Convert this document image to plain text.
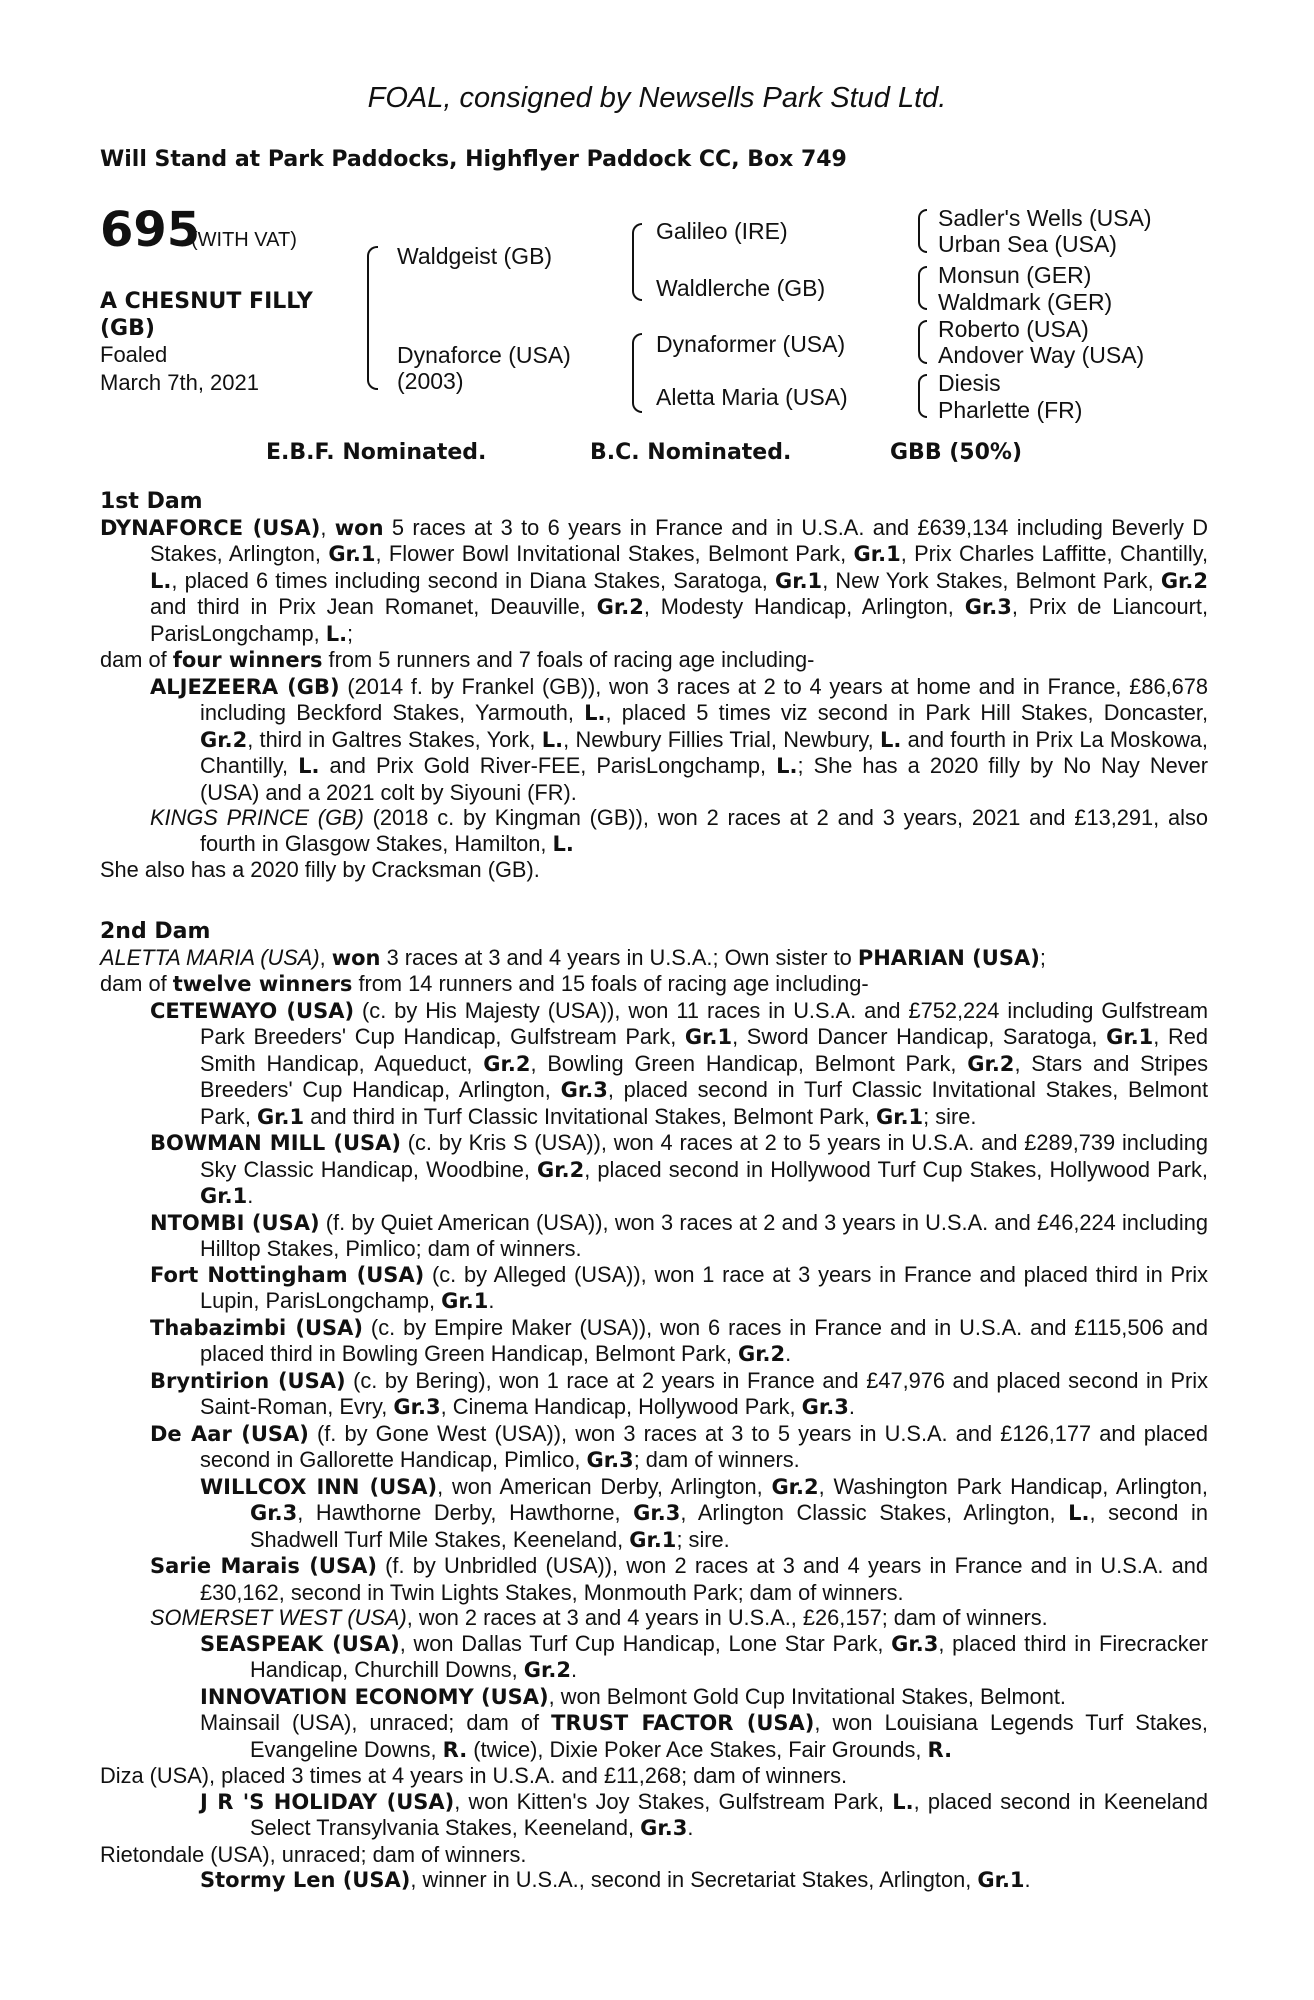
FOAL, consigned by Newsells Park Stud Ltd.
Will Stand at Park Paddocks, Highflyer Paddock CC, Box 749
695
(WITH VAT)
A CHESNUT FILLY
(GB)
Foaled
March 7th, 2021
Waldgeist (GB)
Dynaforce (USA)
(2003)
Galileo (IRE)
Waldlerche (GB)
Dynaformer (USA)
Aletta Maria (USA)
Sadler's Wells (USA)
Urban Sea (USA)
Monsun (GER)
Waldmark (GER)
Roberto (USA)
Andover Way (USA)
Diesis
Pharlette (FR)
E.B.F. Nominated.	B.C. Nominated.	GBB (50%)
1st Dam

DYNAFORCE (USA), won 5 races at 3 to 6 years in France and in U.S.A. and £639,134 including Beverly D Stakes, Arlington, Gr.1, Flower Bowl Invitational Stakes, Belmont Park, Gr.1, Prix Charles Laffitte, Chantilly, L., placed 6 times including second in Diana Stakes, Saratoga, Gr.1, New York Stakes, Belmont Park, Gr.2 and third in Prix Jean Romanet, Deauville, Gr.2, Modesty Handicap, Arlington, Gr.3, Prix de Liancourt, ParisLongchamp, L.;

dam of four winners from 5 runners and 7 foals of racing age including-

ALJEZEERA (GB) (2014 f. by Frankel (GB)), won 3 races at 2 to 4 years at home and in France, £86,678 including Beckford Stakes, Yarmouth, L., placed 5 times viz second in Park Hill Stakes, Doncaster, Gr.2, third in Galtres Stakes, York, L., Newbury Fillies Trial, Newbury, L. and fourth in Prix La Moskowa, Chantilly, L. and Prix Gold River-FEE, ParisLongchamp, L.; She has a 2020 filly by No Nay Never (USA) and a 2021 colt by Siyouni (FR).

KINGS PRINCE (GB) (2018 c. by Kingman (GB)), won 2 races at 2 and 3 years, 2021 and £13,291, also fourth in Glasgow Stakes, Hamilton, L.

She also has a 2020 filly by Cracksman (GB).

2nd Dam

ALETTA MARIA (USA), won 3 races at 3 and 4 years in U.S.A.; Own sister to PHARIAN (USA);

dam of twelve winners from 14 runners and 15 foals of racing age including-

CETEWAYO (USA) (c. by His Majesty (USA)), won 11 races in U.S.A. and £752,224 including Gulfstream Park Breeders' Cup Handicap, Gulfstream Park, Gr.1, Sword Dancer Handicap, Saratoga, Gr.1, Red Smith Handicap, Aqueduct, Gr.2, Bowling Green Handicap, Belmont Park, Gr.2, Stars and Stripes Breeders' Cup Handicap, Arlington, Gr.3, placed second in Turf Classic Invitational Stakes, Belmont Park, Gr.1 and third in Turf Classic Invitational Stakes, Belmont Park, Gr.1; sire.

BOWMAN MILL (USA) (c. by Kris S (USA)), won 4 races at 2 to 5 years in U.S.A. and £289,739 including Sky Classic Handicap, Woodbine, Gr.2, placed second in Hollywood Turf Cup Stakes, Hollywood Park, Gr.1.

NTOMBI (USA) (f. by Quiet American (USA)), won 3 races at 2 and 3 years in U.S.A. and £46,224 including Hilltop Stakes, Pimlico; dam of winners.

Fort Nottingham (USA) (c. by Alleged (USA)), won 1 race at 3 years in France and placed third in Prix Lupin, ParisLongchamp, Gr.1.

Thabazimbi (USA) (c. by Empire Maker (USA)), won 6 races in France and in U.S.A. and £115,506 and placed third in Bowling Green Handicap, Belmont Park, Gr.2.

Bryntirion (USA) (c. by Bering), won 1 race at 2 years in France and £47,976 and placed second in Prix Saint-Roman, Evry, Gr.3, Cinema Handicap, Hollywood Park, Gr.3.

De Aar (USA) (f. by Gone West (USA)), won 3 races at 3 to 5 years in U.S.A. and £126,177 and placed second in Gallorette Handicap, Pimlico, Gr.3; dam of winners.

WILLCOX INN (USA), won American Derby, Arlington, Gr.2, Washington Park Handicap, Arlington, Gr.3, Hawthorne Derby, Hawthorne, Gr.3, Arlington Classic Stakes, Arlington, L., second in Shadwell Turf Mile Stakes, Keeneland, Gr.1; sire.

Sarie Marais (USA) (f. by Unbridled (USA)), won 2 races at 3 and 4 years in France and in U.S.A. and £30,162, second in Twin Lights Stakes, Monmouth Park; dam of winners.

SOMERSET WEST (USA), won 2 races at 3 and 4 years in U.S.A., £26,157; dam of winners.

SEASPEAK (USA), won Dallas Turf Cup Handicap, Lone Star Park, Gr.3, placed third in Firecracker Handicap, Churchill Downs, Gr.2.

INNOVATION ECONOMY (USA), won Belmont Gold Cup Invitational Stakes, Belmont.

Mainsail (USA), unraced; dam of TRUST FACTOR (USA), won Louisiana Legends Turf Stakes, Evangeline Downs, R. (twice), Dixie Poker Ace Stakes, Fair Grounds, R.

Diza (USA), placed 3 times at 4 years in U.S.A. and £11,268; dam of winners.

J R 'S HOLIDAY (USA), won Kitten's Joy Stakes, Gulfstream Park, L., placed second in Keeneland Select Transylvania Stakes, Keeneland, Gr.3.

Rietondale (USA), unraced; dam of winners.

Stormy Len (USA), winner in U.S.A., second in Secretariat Stakes, Arlington, Gr.1.
